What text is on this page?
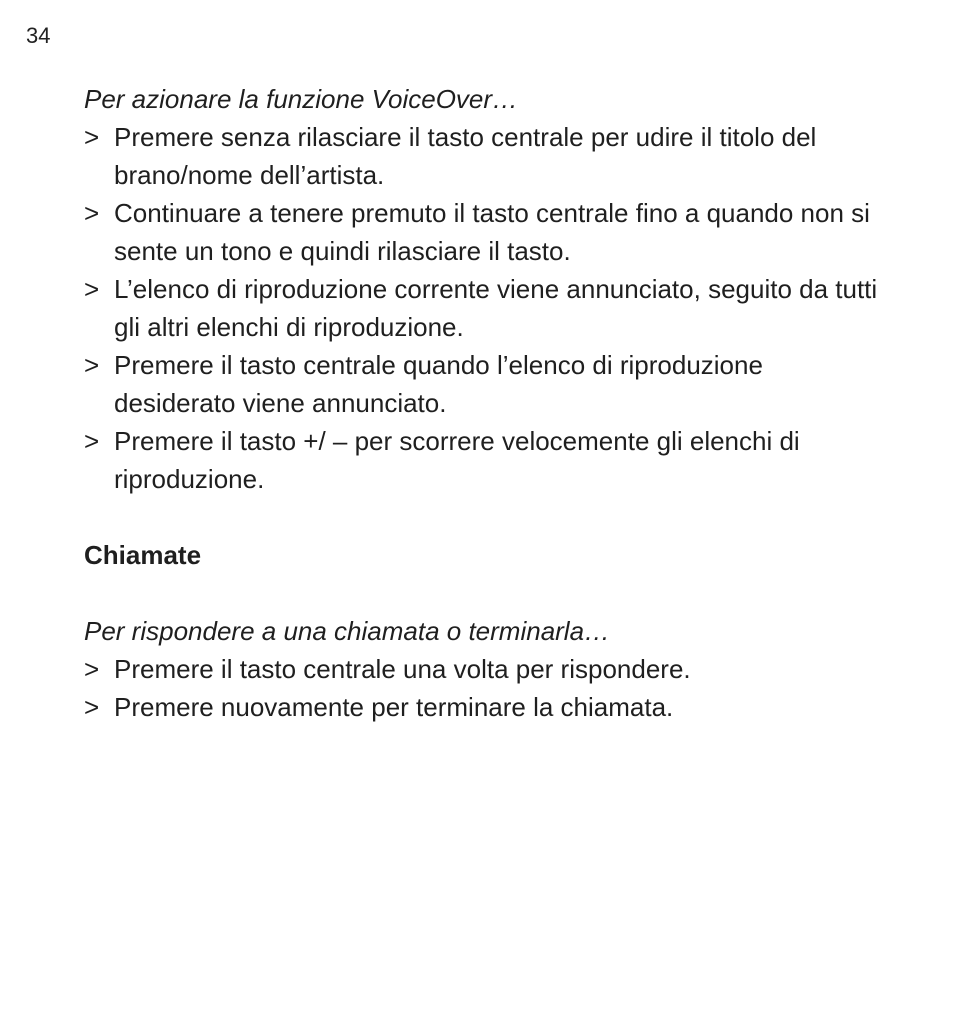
34

Per azionare la funzione VoiceOver…

> Premere senza rilasciare il tasto centrale per udire il titolo del brano/nome dell’artista.
> Continuare a tenere premuto il tasto centrale fino a quando non si sente un tono e quindi rilasciare il tasto.
> L’elenco di riproduzione corrente viene annunciato, seguito da tutti gli altri elenchi di riproduzione.
> Premere il tasto centrale quando l’elenco di riproduzione desiderato viene annunciato.
> Premere il tasto +/ – per scorrere velocemente gli elenchi di riproduzione.
Chiamate

Per rispondere a una chiamata o terminarla…

> Premere il tasto centrale una volta per rispondere.
> Premere nuovamente per terminare la chiamata.
